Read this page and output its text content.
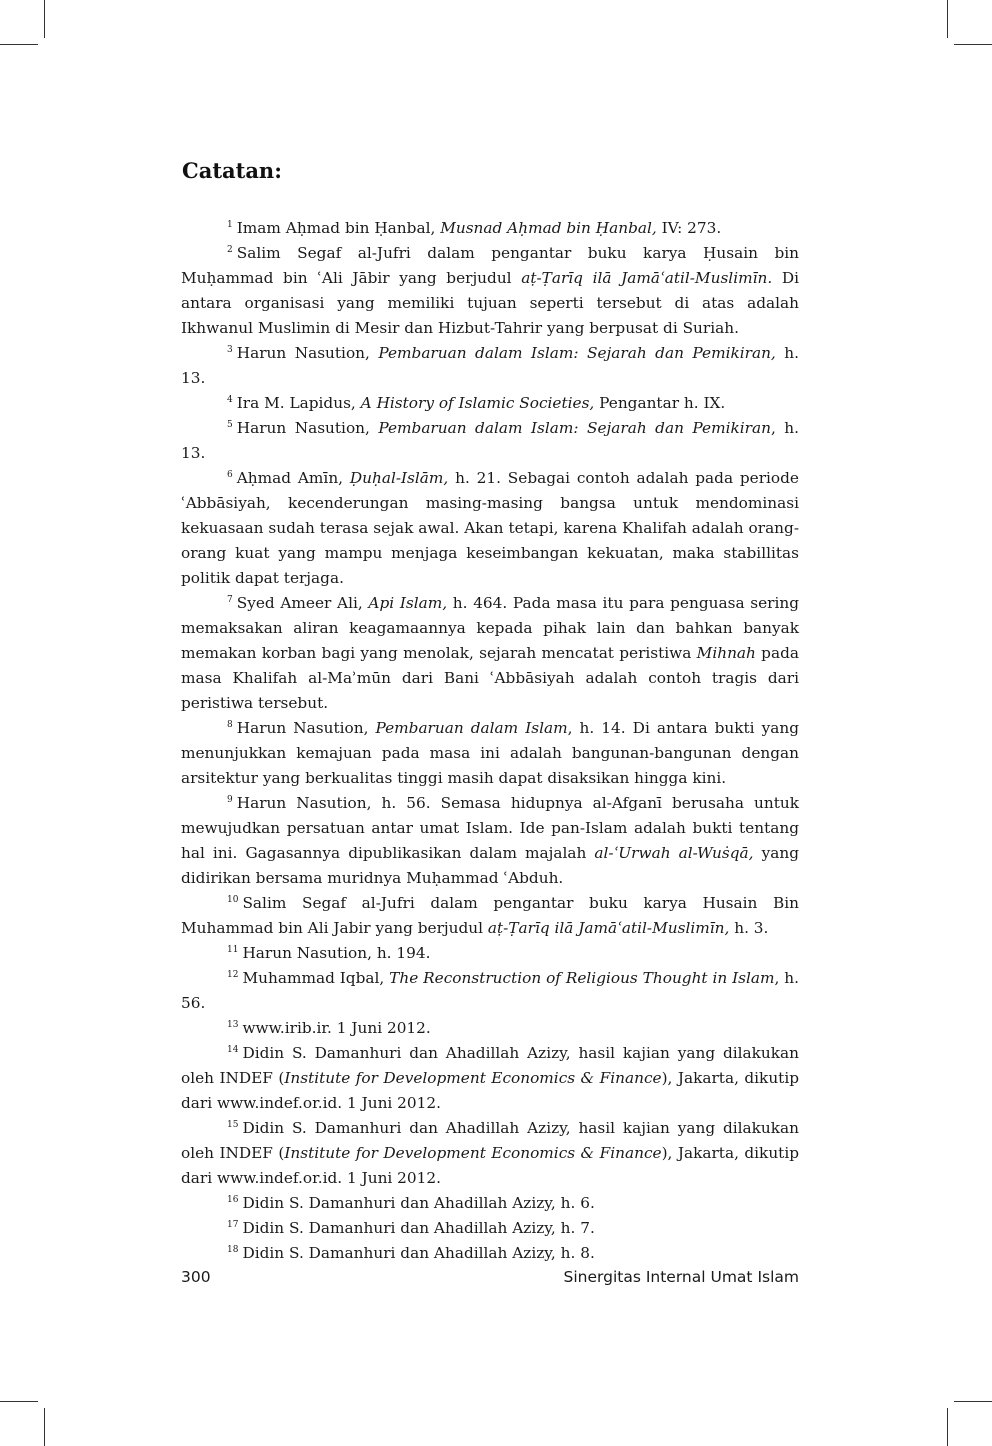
Catatan:

$^1$ Imam Aḥmad bin Ḥanbal, Musnad Aḥmad bin Ḥanbal, IV: 273.

$^2$ Salim Segaf al-Jufri dalam pengantar buku karya Ḥusain bin Muḥammad bin ʿAli Jābir yang berjudul aṭ-Ṭarīq ilā Jamāʿatil-Muslimīn. Di antara organisasi yang memiliki tujuan seperti tersebut di atas adalah Ikhwanul Muslimin di Mesir dan Hizbut-Tahrir yang berpusat di Suriah.

$^3$ Harun Nasution, Pembaruan dalam Islam: Sejarah dan Pemikiran, h. 13.

$^4$ Ira M. Lapidus, A History of Islamic Societies, Pengantar h. IX.

$^5$ Harun Nasution, Pembaruan dalam Islam: Sejarah dan Pemikiran, h. 13.

$^6$ Aḥmad Amīn, Ḍuḥal-Islām, h. 21. Sebagai contoh adalah pada periode ʿAbbāsiyah, kecenderungan masing-masing bangsa untuk mendominasi kekuasaan sudah terasa sejak awal. Akan tetapi, karena Khalifah adalah orang-orang kuat yang mampu menjaga keseimbangan kekuatan, maka stabillitas politik dapat terjaga.

$^7$ Syed Ameer Ali, Api Islam, h. 464. Pada masa itu para penguasa sering memaksakan aliran keagamaannya kepada pihak lain dan bahkan banyak memakan korban bagi yang menolak, sejarah mencatat peristiwa Mihnah pada masa Khalifah al-Maʾmūn dari Bani ʿAbbāsiyah adalah contoh tragis dari peristiwa tersebut.

$^8$ Harun Nasution, Pembaruan dalam Islam, h. 14. Di antara bukti yang menunjukkan kemajuan pada masa ini adalah bangunan-bangunan dengan arsitektur yang berkualitas tinggi masih dapat disaksikan hingga kini.

$^9$ Harun Nasution, h. 56. Semasa hidupnya al-Afganī berusaha untuk mewujudkan persatuan antar umat Islam. Ide pan-Islam adalah bukti tentang hal ini. Gagasannya dipublikasikan dalam majalah al-ʿUrwah al-Wuṡqā, yang didirikan bersama muridnya Muḥammad ʿAbduh.

$^{10}$ Salim Segaf al-Jufri dalam pengantar buku karya Husain Bin Muhammad bin Ali Jabir yang berjudul aṭ-Ṭarīq ilā Jamāʿatil-Muslimīn, h. 3.

$^{11}$ Harun Nasution, h. 194.

$^{12}$ Muhammad Iqbal, The Reconstruction of Religious Thought in Islam, h. 56.

$^{13}$ www.irib.ir. 1 Juni 2012.

$^{14}$ Didin S. Damanhuri dan Ahadillah Azizy, hasil kajian yang dilakukan oleh INDEF (Institute for Development Economics & Finance), Jakarta, dikutip dari www.indef.or.id. 1 Juni 2012.

$^{15}$ Didin S. Damanhuri dan Ahadillah Azizy, hasil kajian yang dilakukan oleh INDEF (Institute for Development Economics & Finance), Jakarta, dikutip dari www.indef.or.id. 1 Juni 2012.

$^{16}$ Didin S. Damanhuri dan Ahadillah Azizy, h. 6.

$^{17}$ Didin S. Damanhuri dan Ahadillah Azizy, h. 7.

$^{18}$ Didin S. Damanhuri dan Ahadillah Azizy, h. 8.

300	Sinergitas Internal Umat Islam
